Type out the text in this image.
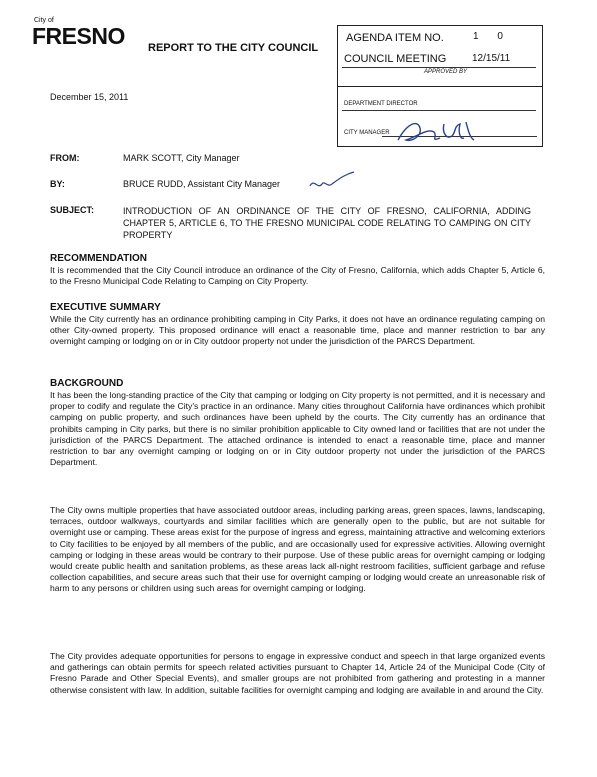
City of
FRESNO REPORT TO THE CITY COUNCIL
AGENDA ITEM NO.	1 0
COUNCIL MEETING	12/15/11
APPROVED BY
DEPARTMENT DIRECTOR
CITY MANAGER
December 15, 2011
FROM:	MARK SCOTT, City Manager
BY:	BRUCE RUDD, Assistant City Manager
SUBJECT:	INTRODUCTION OF AN ORDINANCE OF THE CITY OF FRESNO, CALIFORNIA, ADDING CHAPTER 5, ARTICLE 6, TO THE FRESNO MUNICIPAL CODE RELATING TO CAMPING ON CITY PROPERTY
RECOMMENDATION

It is recommended that the City Council introduce an ordinance of the City of Fresno, California, which adds Chapter 5, Article 6, to the Fresno Municipal Code Relating to Camping on City Property.

EXECUTIVE SUMMARY

While the City currently has an ordinance prohibiting camping in City Parks, it does not have an ordinance regulating camping on other City-owned property. This proposed ordinance will enact a reasonable time, place and manner restriction to bar any overnight camping or lodging on or in City outdoor property not under the jurisdiction of the PARCS Department.

BACKGROUND

It has been the long-standing practice of the City that camping or lodging on City property is not permitted, and it is necessary and proper to codify and regulate the City's practice in an ordinance. Many cities throughout California have ordinances which prohibit camping on public property, and such ordinances have been upheld by the courts. The City currently has an ordinance that prohibits camping in City parks, but there is no similar prohibition applicable to City owned land or facilities that are not under the jurisdiction of the PARCS Department. The attached ordinance is intended to enact a reasonable time, place and manner restriction to bar any overnight camping or lodging on or in City outdoor property not under the jurisdiction of the PARCS Department.

The City owns multiple properties that have associated outdoor areas, including parking areas, green spaces, lawns, landscaping, terraces, outdoor walkways, courtyards and similar facilities which are generally open to the public, but are not suitable for overnight use or camping. These areas exist for the purpose of ingress and egress, maintaining attractive and welcoming exteriors to City facilities to be enjoyed by all members of the public, and are occasionally used for expressive activities. Allowing overnight camping or lodging in these areas would be contrary to their purpose. Use of these public areas for overnight camping or lodging would create public health and sanitation problems, as these areas lack all-night restroom facilities, sufficient garbage and refuse collection capabilities, and secure areas such that their use for overnight camping or lodging would create an unreasonable risk of harm to any persons or children using such areas for overnight camping or lodging.

The City provides adequate opportunities for persons to engage in expressive conduct and speech in that large organized events and gatherings can obtain permits for speech related activities pursuant to Chapter 14, Article 24 of the Municipal Code (City of Fresno Parade and Other Special Events), and smaller groups are not prohibited from gathering and protesting in a manner otherwise consistent with law. In addition, suitable facilities for overnight camping and lodging are available in and around the City.
